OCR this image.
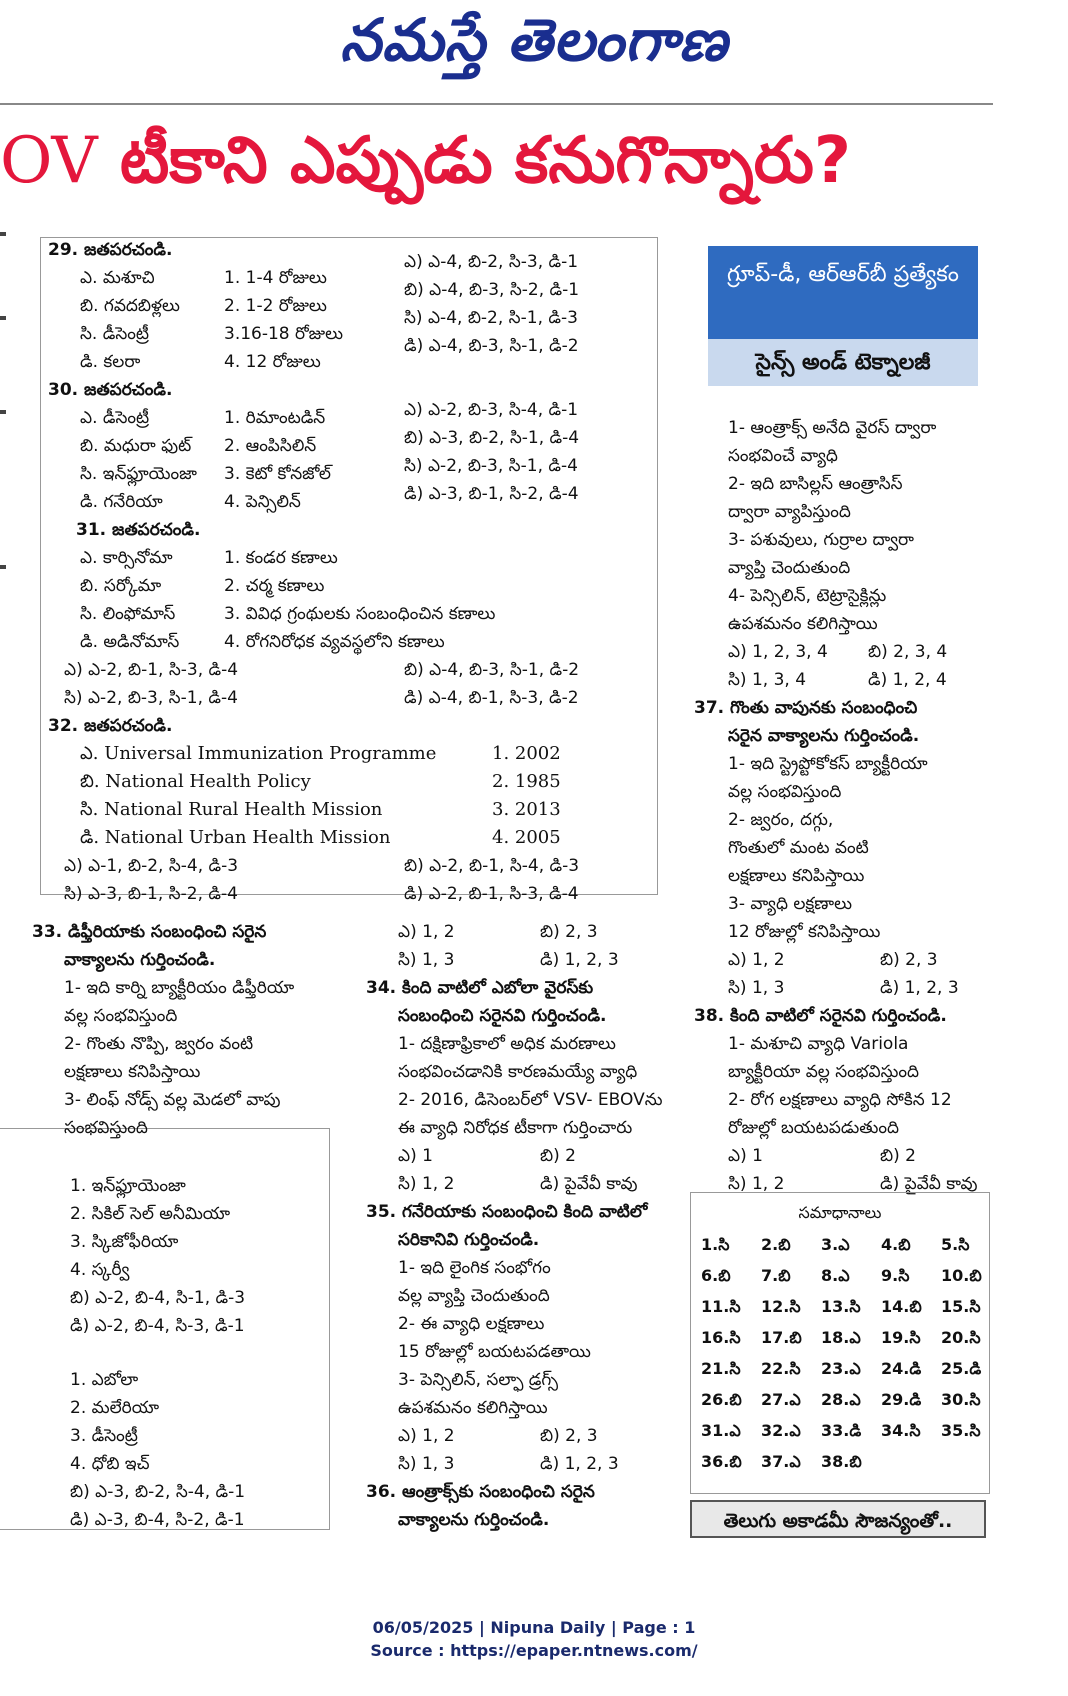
నమస్తే తెలంగాణ
OV టీకాని ఎప్పుడు కనుగొన్నారు?
గ్రూప్-డీ, ఆర్ఆర్‌బీ ప్రత్యేకం
సైన్స్ అండ్ టెక్నాలజీ
29. జతపరచండి.
ఎ. మశూచి	1. 1-4 రోజులు
బి. గవదబిళ్లలు	2. 1-2 రోజులు
సి. డీసెంట్రీ	3.16-18 రోజులు
డి. కలరా	4. 12 రోజులు
ఎ) ఎ-4, బి-2, సి-3, డి-1
బి) ఎ-4, బి-3, సి-2, డి-1
సి) ఎ-4, బి-2, సి-1, డి-3
డి) ఎ-4, బి-3, సి-1, డి-2
30. జతపరచండి.
ఎ. డీసెంట్రీ	1. రిమాంటడిన్
బి. మధురా ఫుట్ 2. ఆంపిసిలిన్
సి. ఇన్‌ఫ్లూయెంజా 3. కెటో కోనజోల్
డి. గనేరియా	4. పెన్సిలిన్
ఎ) ఎ-2, బి-3, సి-4, డి-1
బి) ఎ-3, బి-2, సి-1, డి-4
సి) ఎ-2, బి-3, సి-1, డి-4
డి) ఎ-3, బి-1, సి-2, డి-4
31. జతపరచండి.
ఎ. కార్సినోమా	1. కండర కణాలు
బి. సర్కోమా	2. చర్మ కణాలు
సి. లింఫోమాస్	3. వివిధ గ్రంథులకు సంబంధించిన కణాలు
డి. అడినోమాస్	4. రోగనిరోధక వ్యవస్థలోని కణాలు
ఎ) ఎ-2, బి-1, సి-3, డి-4	బి) ఎ-4, బి-3, సి-1, డి-2
సి) ఎ-2, బి-3, సి-1, డి-4	డి) ఎ-4, బి-1, సి-3, డి-2
32. జతపరచండి.
ఎ. Universal Immunization Programme	1. 2002
బి. National Health Policy	2. 1985
సి. National Rural Health Mission	3. 2013
డి. National Urban Health Mission	4. 2005
ఎ) ఎ-1, బి-2, సి-4, డి-3	బి) ఎ-2, బి-1, సి-4, డి-3
సి) ఎ-3, బి-1, సి-2, డి-4	డి) ఎ-2, బి-1, సి-3, డి-4
33. డిఫ్తీరియాకు సంబంధించి సరైన
వాక్యాలను గుర్తించండి.
1- ఇది కార్ని బ్యాక్టీరియం డిఫ్తీరియా
వల్ల సంభవిస్తుంది
2- గొంతు నొప్పి, జ్వరం వంటి
లక్షణాలు కనిపిస్తాయి
3- లింఫ్ నోడ్స్ వల్ల మెడలో వాపు
సంభవిస్తుంది
1. ఇన్‌ఫ్లూయెంజా
2. సికిల్ సెల్ అనీమియా
3. స్కిజోఫీరియా
4. స్కర్వీ
బి) ఎ-2, బి-4, సి-1, డి-3
డి) ఎ-2, బి-4, సి-3, డి-1
1. ఎబోలా
2. మలేరియా
3. డీసెంట్రీ
4. ధోబి ఇచ్
బి) ఎ-3, బి-2, సి-4, డి-1
డి) ఎ-3, బి-4, సి-2, డి-1
ఎ) 1, 2	బి) 2, 3
సి) 1, 3	డి) 1, 2, 3
34. కింది వాటిలో ఎబోలా వైరస్‌కు
సంబంధించి సరైనవి గుర్తించండి.
1- దక్షిణాఫ్రికాలో అధిక మరణాలు
సంభవించడానికి కారణమయ్యే వ్యాధి
2- 2016, డిసెంబర్‌లో VSV- EBOVను
ఈ వ్యాధి నిరోధక టీకాగా గుర్తించారు
ఎ) 1	బి) 2
సి) 1, 2	డి) పైవేవీ కావు
35. గనేరియాకు సంబంధించి కింది వాటిలో
సరికానివి గుర్తించండి.
1- ఇది లైంగిక సంభోగం
వల్ల వ్యాప్తి చెందుతుంది
2- ఈ వ్యాధి లక్షణాలు
15 రోజుల్లో బయటపడతాయి
3- పెన్సిలిన్, సల్ఫా డ్రగ్స్
ఉపశమనం కలిగిస్తాయి
ఎ) 1, 2	బి) 2, 3
సి) 1, 3	డి) 1, 2, 3
36. ఆంత్రాక్స్‌కు సంబంధించి సరైన
వాక్యాలను గుర్తించండి.
1- ఆంత్రాక్స్ అనేది వైరస్ ద్వారా
సంభవించే వ్యాధి
2- ఇది బాసిల్లస్ ఆంత్రాసిస్
ద్వారా వ్యాపిస్తుంది
3- పశువులు, గుర్రాల ద్వారా
వ్యాప్తి చెందుతుంది
4- పెన్సిలిన్, టెట్రాసైక్లిన్లు
ఉపశమనం కలిగిస్తాయి
ఎ) 1, 2, 3, 4 బి) 2, 3, 4
సి) 1, 3, 4	డి) 1, 2, 4
37. గొంతు వాపునకు సంబంధించి
సరైన వాక్యాలను గుర్తించండి.
1- ఇది స్ట్రెప్టోకోకస్ బ్యాక్టీరియా
వల్ల సంభవిస్తుంది
2- జ్వరం, దగ్గు,
గొంతులో మంట వంటి
లక్షణాలు కనిపిస్తాయి
3- వ్యాధి లక్షణాలు
12 రోజుల్లో కనిపిస్తాయి
ఎ) 1, 2	బి) 2, 3
సి) 1, 3	డి) 1, 2, 3
38. కింది వాటిలో సరైనవి గుర్తించండి.
1- మశూచి వ్యాధి Variola
బ్యాక్టీరియా వల్ల సంభవిస్తుంది
2- రోగ లక్షణాలు వ్యాధి సోకిన 12
రోజుల్లో బయటపడుతుంది
ఎ) 1	బి) 2
సి) 1, 2	డి) పైవేవీ కావు
సమాధానాలు
1.సి 2.బి 3.ఎ 4.బి 5.సి
6.బి 7.బి 8.ఎ 9.సి 10.బి
11.సి 12.సి 13.సి 14.బి 15.సి
16.సి 17.బి 18.ఎ 19.సి 20.సి
21.సి 22.సి 23.ఎ 24.డి 25.డి
26.బి 27.ఎ 28.ఎ 29.డి 30.సి
31.ఎ 32.ఎ 33.డి 34.సి 35.సి
36.బి 37.ఎ 38.బి
తెలుగు అకాడమీ సౌజన్యంతో..
06/05/2025 | Nipuna Daily | Page : 1
Source : https://epaper.ntnews.com/
